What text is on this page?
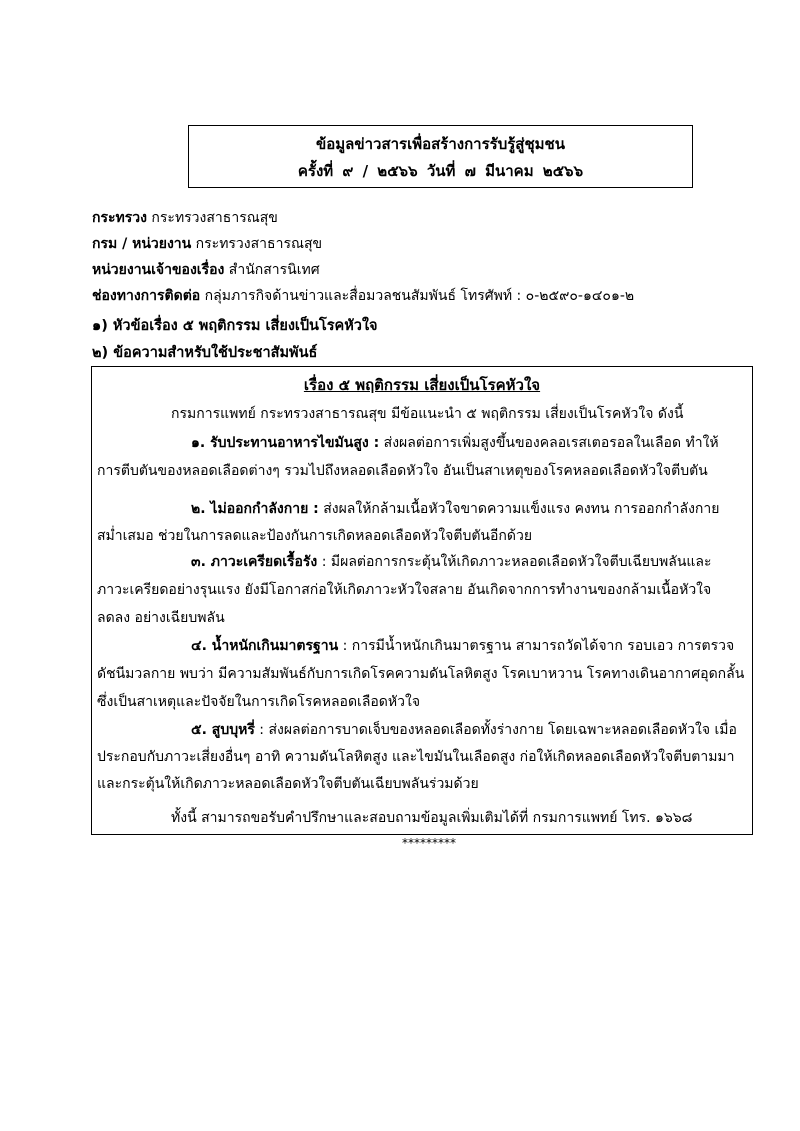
ข้อมูลข่าวสารเพื่อสร้างการรับรู้สู่ชุมชน
ครั้งที่ ๙ / ๒๕๖๖ วันที่ ๗ มีนาคม ๒๕๖๖
กระทรวง กระทรวงสาธารณสุข
กรม / หน่วยงาน กระทรวงสาธารณสุข
หน่วยงานเจ้าของเรื่อง สำนักสารนิเทศ
ช่องทางการติดต่อ กลุ่มภารกิจด้านข่าวและสื่อมวลชนสัมพันธ์ โทรศัพท์ : ๐-๒๕๙๐-๑๔๐๑-๒
๑) หัวข้อเรื่อง ๕ พฤติกรรม เสี่ยงเป็นโรคหัวใจ
๒) ข้อความสำหรับใช้ประชาสัมพันธ์
เรื่อง ๕ พฤติกรรม เสี่ยงเป็นโรคหัวใจ
กรมการแพทย์ กระทรวงสาธารณสุข มีข้อแนะนำ ๕ พฤติกรรม เสี่ยงเป็นโรคหัวใจ ดังนี้
๑. รับประทานอาหารไขมันสูง : ส่งผลต่อการเพิ่มสูงขึ้นของคลอเรสเตอรอลในเลือด ทำให้
การตีบตันของหลอดเลือดต่างๆ รวมไปถึงหลอดเลือดหัวใจ อันเป็นสาเหตุของโรคหลอดเลือดหัวใจตีบตัน
๒. ไม่ออกกำลังกาย : ส่งผลให้กล้ามเนื้อหัวใจขาดความแข็งแรง คงทน การออกกำลังกาย
สม่ำเสมอ ช่วยในการลดและป้องกันการเกิดหลอดเลือดหัวใจตีบตันอีกด้วย
๓. ภาวะเครียดเรื้อรัง : มีผลต่อการกระตุ้นให้เกิดภาวะหลอดเลือดหัวใจตีบเฉียบพลันและ
ภาวะเครียดอย่างรุนแรง ยังมีโอกาสก่อให้เกิดภาวะหัวใจสลาย อันเกิดจากการทำงานของกล้ามเนื้อหัวใจ
ลดลง อย่างเฉียบพลัน
๔. น้ำหนักเกินมาตรฐาน : การมีน้ำหนักเกินมาตรฐาน สามารถวัดได้จาก รอบเอว การตรวจ
ดัชนีมวลกาย พบว่า มีความสัมพันธ์กับการเกิดโรคความดันโลหิตสูง โรคเบาหวาน โรคทางเดินอากาศอุดกลั้น
ซึ่งเป็นสาเหตุและปัจจัยในการเกิดโรคหลอดเลือดหัวใจ
๕. สูบบุหรี่ : ส่งผลต่อการบาดเจ็บของหลอดเลือดทั้งร่างกาย โดยเฉพาะหลอดเลือดหัวใจ เมื่อ
ประกอบกับภาวะเสี่ยงอื่นๆ อาทิ ความดันโลหิตสูง และไขมันในเลือดสูง ก่อให้เกิดหลอดเลือดหัวใจตีบตามมา
และกระตุ้นให้เกิดภาวะหลอดเลือดหัวใจตีบตันเฉียบพลันร่วมด้วย
ทั้งนี้ สามารถขอรับคำปรึกษาและสอบถามข้อมูลเพิ่มเติมได้ที่ กรมการแพทย์ โทร. ๑๖๖๘
*********
